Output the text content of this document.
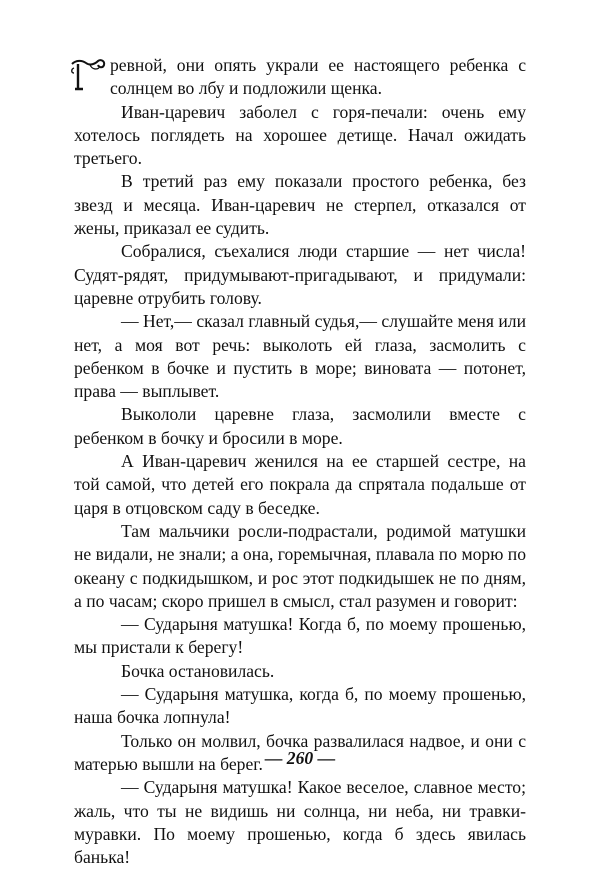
ревной, они опять украли ее настоящего ребенка с солнцем во лбу и подложили щенка.

Иван-царевич заболел с горя-печали: очень ему хотелось поглядеть на хорошее детище. Начал ожидать третьего.

В третий раз ему показали простого ребенка, без звезд и месяца. Иван-царевич не стерпел, отказался от жены, приказал ее судить.

Собралися, съехалися люди старшие — нет числа! Судят-рядят, придумывают-пригадывают, и придумали: царевне отрубить голову.

— Нет,— сказал главный судья,— слушайте меня или нет, а моя вот речь: выколоть ей глаза, засмолить с ребенком в бочке и пустить в море; виновата — потонет, права — выплывет.

Выкололи царевне глаза, засмолили вместе с ребенком в бочку и бросили в море.

А Иван-царевич женился на ее старшей сестре, на той самой, что детей его покрала да спрятала подальше от царя в отцовском саду в беседке.

Там мальчики росли-подрастали, родимой матушки не видали, не знали; а она, горемычная, плавала по морю по океану с подкидышком, и рос этот подкидышек не по дням, а по часам; скоро пришел в смысл, стал разумен и говорит:

— Сударыня матушка! Когда б, по моему прошенью, мы пристали к берегу!

Бочка остановилась.

— Сударыня матушка, когда б, по моему прошенью, наша бочка лопнула!

Только он молвил, бочка развалилася надвое, и они с матерью вышли на берег.

— Сударыня матушка! Какое веселое, славное место; жаль, что ты не видишь ни солнца, ни неба, ни травки-муравки. По моему прошенью, когда б здесь явилась банька!

— 260 —
